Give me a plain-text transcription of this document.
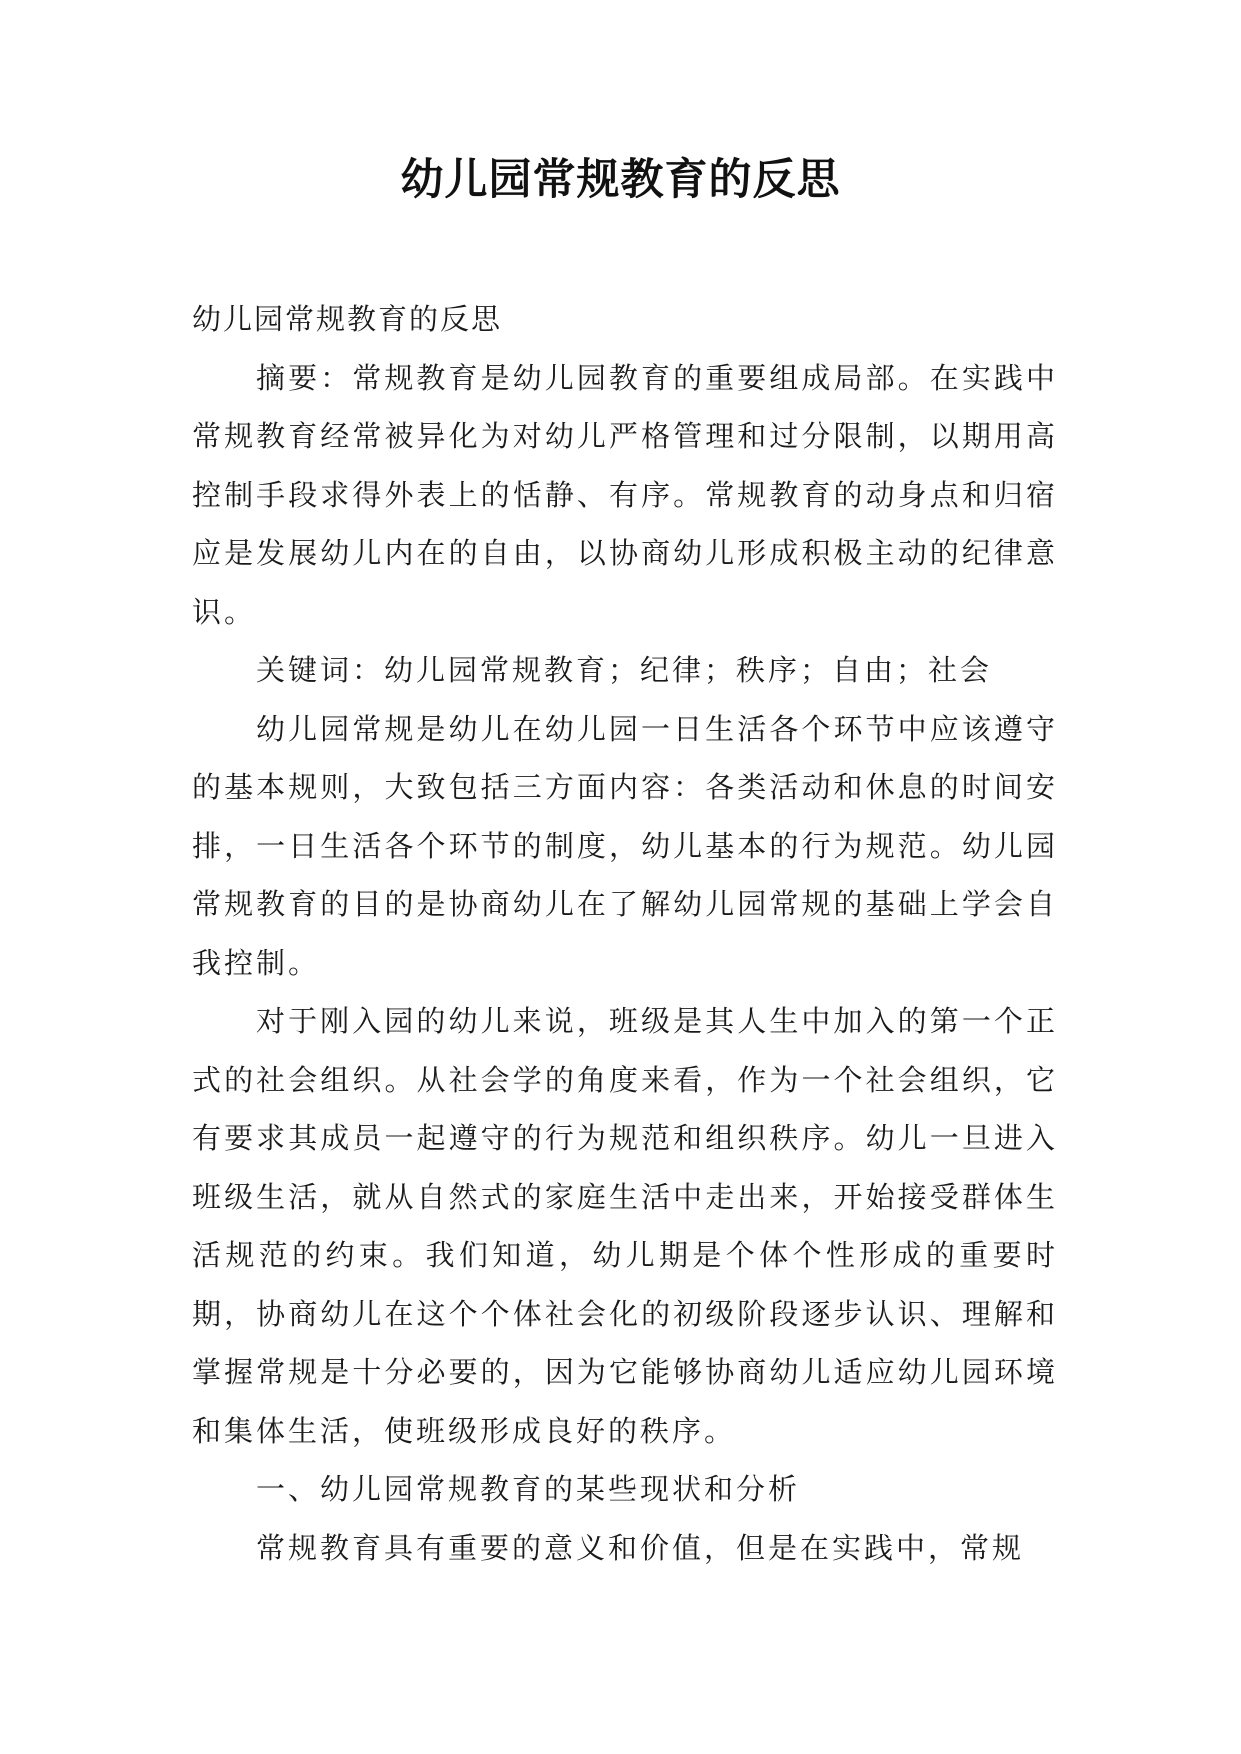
幼儿园常规教育的反思

幼儿园常规教育的反思

摘要：常规教育是幼儿园教育的重要组成局部。在实践中常规教育经常被异化为对幼儿严格管理和过分限制，以期用高控制手段求得外表上的恬静、有序。常规教育的动身点和归宿应是发展幼儿内在的自由，以协商幼儿形成积极主动的纪律意识。

关键词：幼儿园常规教育；纪律；秩序；自由；社会

幼儿园常规是幼儿在幼儿园一日生活各个环节中应该遵守的基本规则，大致包括三方面内容：各类活动和休息的时间安排，一日生活各个环节的制度，幼儿基本的行为规范。幼儿园常规教育的目的是协商幼儿在了解幼儿园常规的基础上学会自我控制。

对于刚入园的幼儿来说，班级是其人生中加入的第一个正式的社会组织。从社会学的角度来看，作为一个社会组织，它有要求其成员一起遵守的行为规范和组织秩序。幼儿一旦进入班级生活，就从自然式的家庭生活中走出来，开始接受群体生活规范的约束。我们知道，幼儿期是个体个性形成的重要时期，协商幼儿在这个个体社会化的初级阶段逐步认识、理解和掌握常规是十分必要的，因为它能够协商幼儿适应幼儿园环境和集体生活，使班级形成良好的秩序。

一、幼儿园常规教育的某些现状和分析

常规教育具有重要的意义和价值，但是在实践中，常规
